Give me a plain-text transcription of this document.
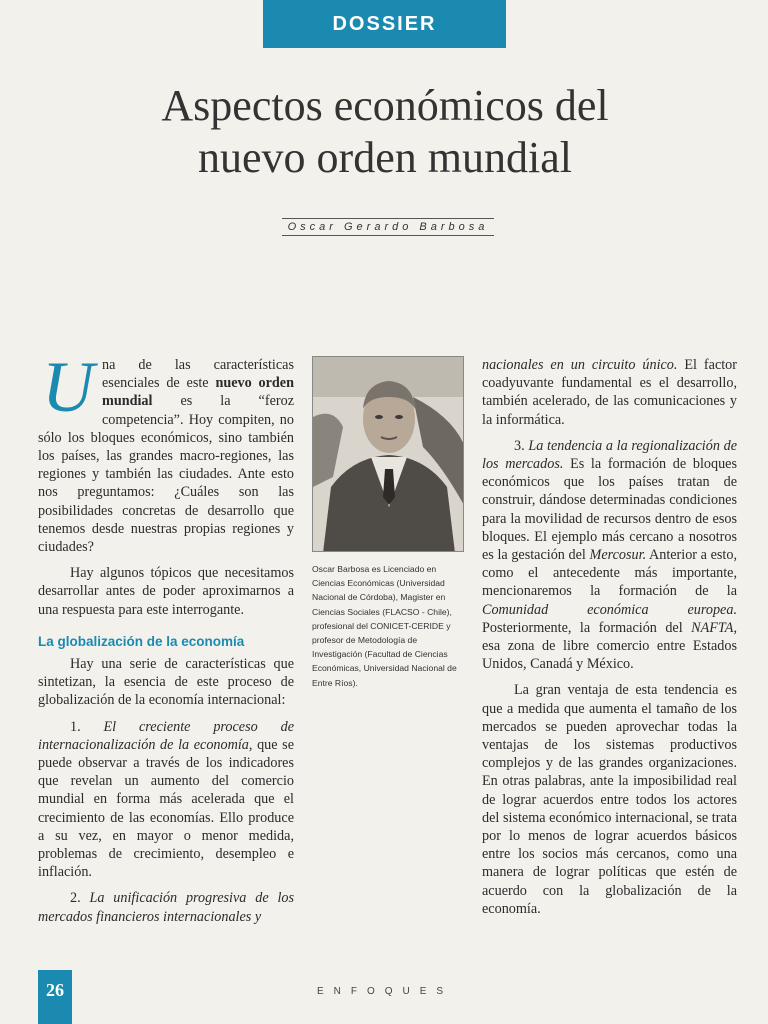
DOSSIER
Aspectos económicos del
nuevo orden mundial
Oscar Gerardo Barbosa

Una de las características esenciales de este nuevo orden mundial es la “feroz competencia”. Hoy compiten, no sólo los bloques económicos, sino también los países, las grandes macro-regiones, las regiones y también las ciudades. Ante esto nos preguntamos: ¿Cuáles son las posibilidades concretas de desarrollo que tenemos desde nuestras propias regiones y ciudades?

Hay algunos tópicos que necesitamos desarrollar antes de poder aproximarnos a una respuesta para este interrogante.

La globalización de la economía

Hay una serie de características que sintetizan, la esencia de este proceso de globalización de la economía internacional:

1. El creciente proceso de internacionalización de la economía, que se puede observar a través de los indicadores que revelan un aumento del comercio mundial en forma más acelerada que el crecimiento de las economías. Ello produce a su vez, en mayor o menor medida, problemas de crecimiento, desempleo e inflación.

2. La unificación progresiva de los mercados financieros internacionales y

Oscar Barbosa es Licenciado en Ciencias Económicas (Universidad Nacional de Córdoba), Magister en Ciencias Sociales (FLACSO - Chile), profesional del CONICET-CERIDE y profesor de Metodología de Investigación (Facultad de Ciencias Económicas, Universidad Nacional de Entre Ríos).

nacionales en un circuito único. El factor coadyuvante fundamental es el desarrollo, también acelerado, de las comunicaciones y la informática.

3. La tendencia a la regionalización de los mercados. Es la formación de bloques económicos que los países tratan de construir, dándose determinadas condiciones para la movilidad de recursos dentro de esos bloques. El ejemplo más cercano a nosotros es la gestación del Mercosur. Anterior a esto, como el antecedente más importante, mencionaremos la formación de la Comunidad económica europea. Posteriormente, la formación del NAFTA, esa zona de libre comercio entre Estados Unidos, Canadá y México.

La gran ventaja de esta tendencia es que a medida que aumenta el tamaño de los mercados se pueden aprovechar todas la ventajas de los sistemas productivos complejos y de las grandes organizaciones. En otras palabras, ante la imposibilidad real de lograr acuerdos entre todos los actores del sistema económico internacional, se trata por lo menos de lograr acuerdos básicos entre los socios más cercanos, como una manera de lograr políticas que estén de acuerdo con la globalización de la economía.

26	ENFOQUES
